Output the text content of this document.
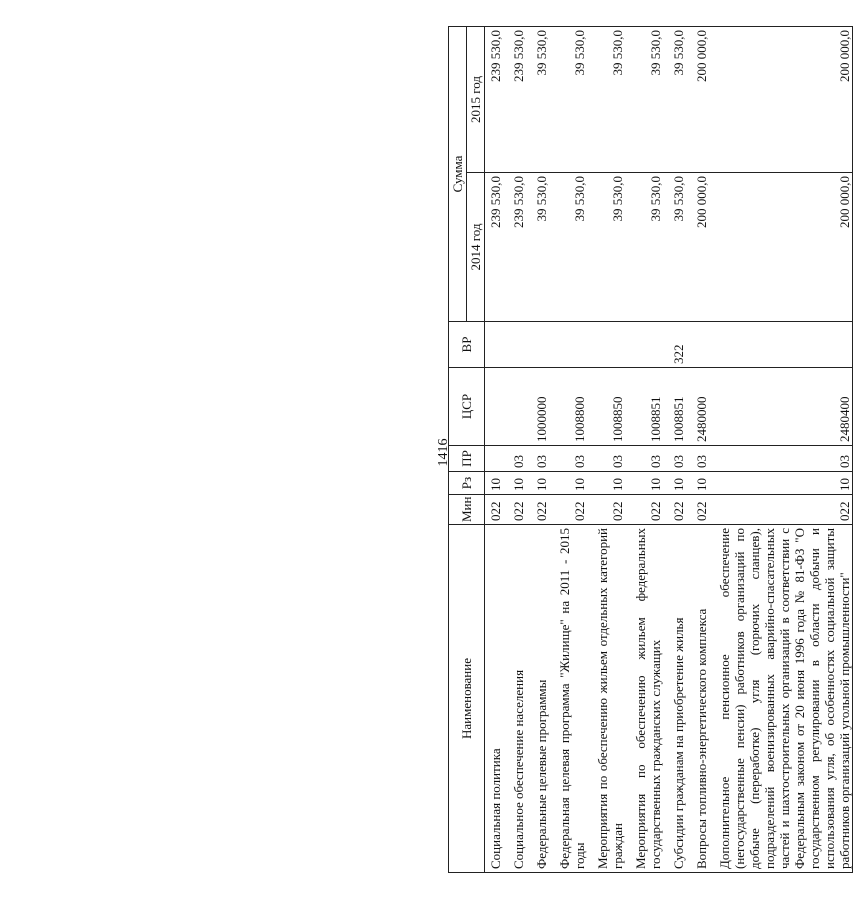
1416
Наименование	Мин	Рз	ПР	ЦСР	ВР	Сумма	
						2014 год	2015 год
Социальная политика	022	10				239 530,0	239 530,0
Социальное обеспечение населения	022	10	03			239 530,0	239 530,0
Федеральные целевые программы	022	10	03	1000000		39 530,0	39 530,0
Федеральная целевая программа "Жилище" на 2011 - 2015 годы	022	10	03	1008800		39 530,0	39 530,0
Мероприятия по обеспечению жильем отдельных категорий граждан	022	10	03	1008850		39 530,0	39 530,0
Мероприятия по обеспечению жильем федеральных государственных гражданских служащих	022	10	03	1008851		39 530,0	39 530,0
Субсидии гражданам на приобретение жилья	022	10	03	1008851	322	39 530,0	39 530,0
Вопросы топливно-энергетического комплекса	022	10	03	2480000		200 000,0	200 000,0
Дополнительное пенсионное обеспечение (негосударственные пенсии) работников организаций по добыче (переработке) угля (горючих сланцев), подразделений военизированных аварийно-спасательных частей и шахтостроительных организаций в соответствии с Федеральным законом от 20 июня 1996 года № 81-ФЗ "О государственном регулировании в области добычи и использования угля, об особенностях социальной защиты работников организаций угольной промышленности"	022	10	03	2480400		200 000,0	200 000,0
